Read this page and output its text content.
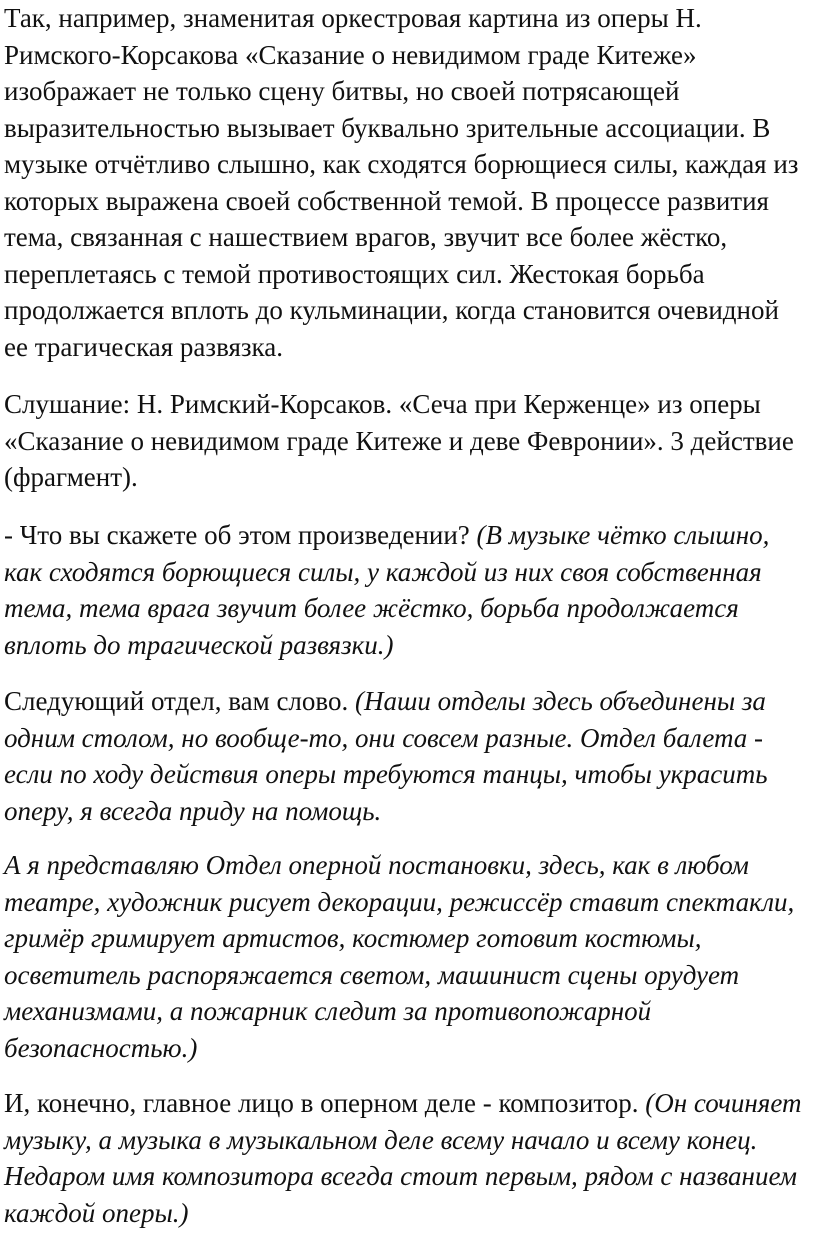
Так, например, знаменитая оркестровая картина из оперы Н. Римского-Корсакова «Сказание о невидимом граде Китеже» изображает не только сцену битвы, но своей потрясающей выразительностью вызывает буквально зрительные ассоциации. В музыке отчётливо слышно, как сходятся борющиеся силы, каждая из которых выражена своей собственной темой. В процессе развития тема, связанная с нашествием врагов, звучит все более жёстко, переплетаясь с темой противостоящих сил. Жестокая борьба продолжается вплоть до кульминации, когда становится очевидной ее трагическая развязка.

Слушание: Н. Римский-Корсаков. «Сеча при Керженце» из оперы «Сказание о невидимом граде Китеже и деве Февронии». 3 действие (фрагмент).

- Что вы скажете об этом произведении? (В музыке чётко слышно, как сходятся борющиеся силы, у каждой из них своя собственная тема, тема врага звучит более жёстко, борьба продолжается вплоть до трагической развязки.)

Следующий отдел, вам слово. (Наши отделы здесь объединены за одним столом, но вообще-то, они совсем разные. Отдел балета - если по ходу действия оперы требуются танцы, чтобы украсить оперу, я всегда приду на помощь.

А я представляю Отдел оперной постановки, здесь, как в любом театре, художник рисует декорации, режиссёр ставит спектакли, гримёр гримирует артистов, костюмер готовит костюмы, осветитель распоряжается светом, машинист сцены орудует механизмами, а пожарник следит за противопожарной безопасностью.)

И, конечно, главное лицо в оперном деле - композитор. (Он сочиняет музыку, а музыка в музыкальном деле всему начало и всему конец. Недаром имя композитора всегда стоит первым, рядом с названием каждой оперы.)
